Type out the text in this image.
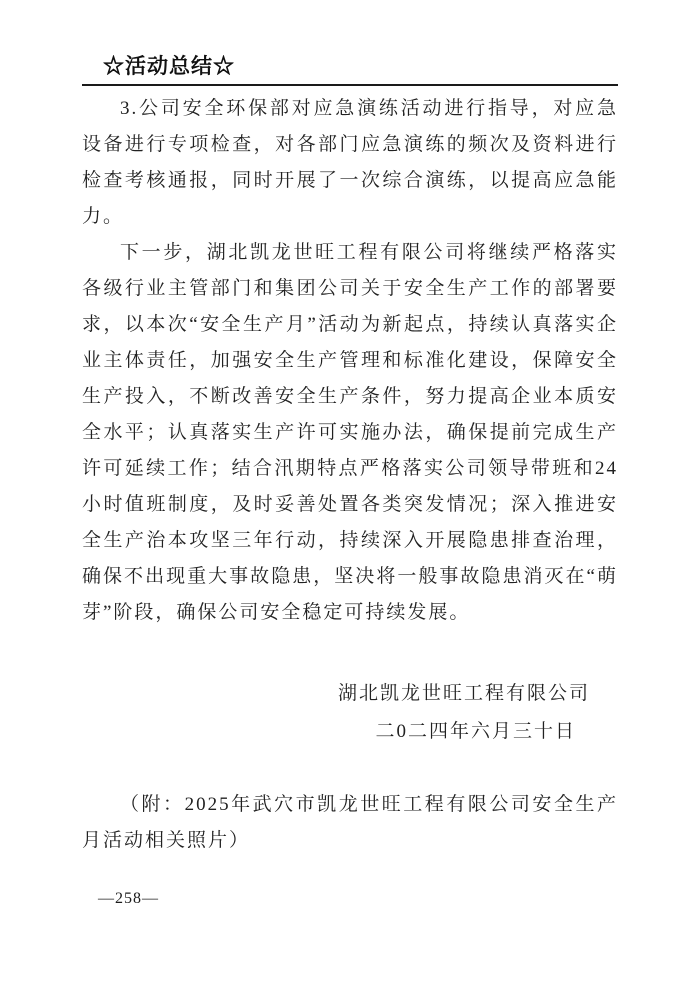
☆活动总结☆

3.公司安全环保部对应急演练活动进行指导，对应急设备进行专项检查，对各部门应急演练的频次及资料进行检查考核通报，同时开展了一次综合演练，以提高应急能力。

下一步，湖北凯龙世旺工程有限公司将继续严格落实各级行业主管部门和集团公司关于安全生产工作的部署要求，以本次“安全生产月”活动为新起点，持续认真落实企业主体责任，加强安全生产管理和标准化建设，保障安全生产投入，不断改善安全生产条件，努力提高企业本质安全水平；认真落实生产许可实施办法，确保提前完成生产许可延续工作；结合汛期特点严格落实公司领导带班和24小时值班制度，及时妥善处置各类突发情况；深入推进安全生产治本攻坚三年行动，持续深入开展隐患排查治理，确保不出现重大事故隐患，坚决将一般事故隐患消灭在“萌芽”阶段，确保公司安全稳定可持续发展。

湖北凯龙世旺工程有限公司

二0二四年六月三十日

（附：2025年武穴市凯龙世旺工程有限公司安全生产月活动相关照片）

—258—
